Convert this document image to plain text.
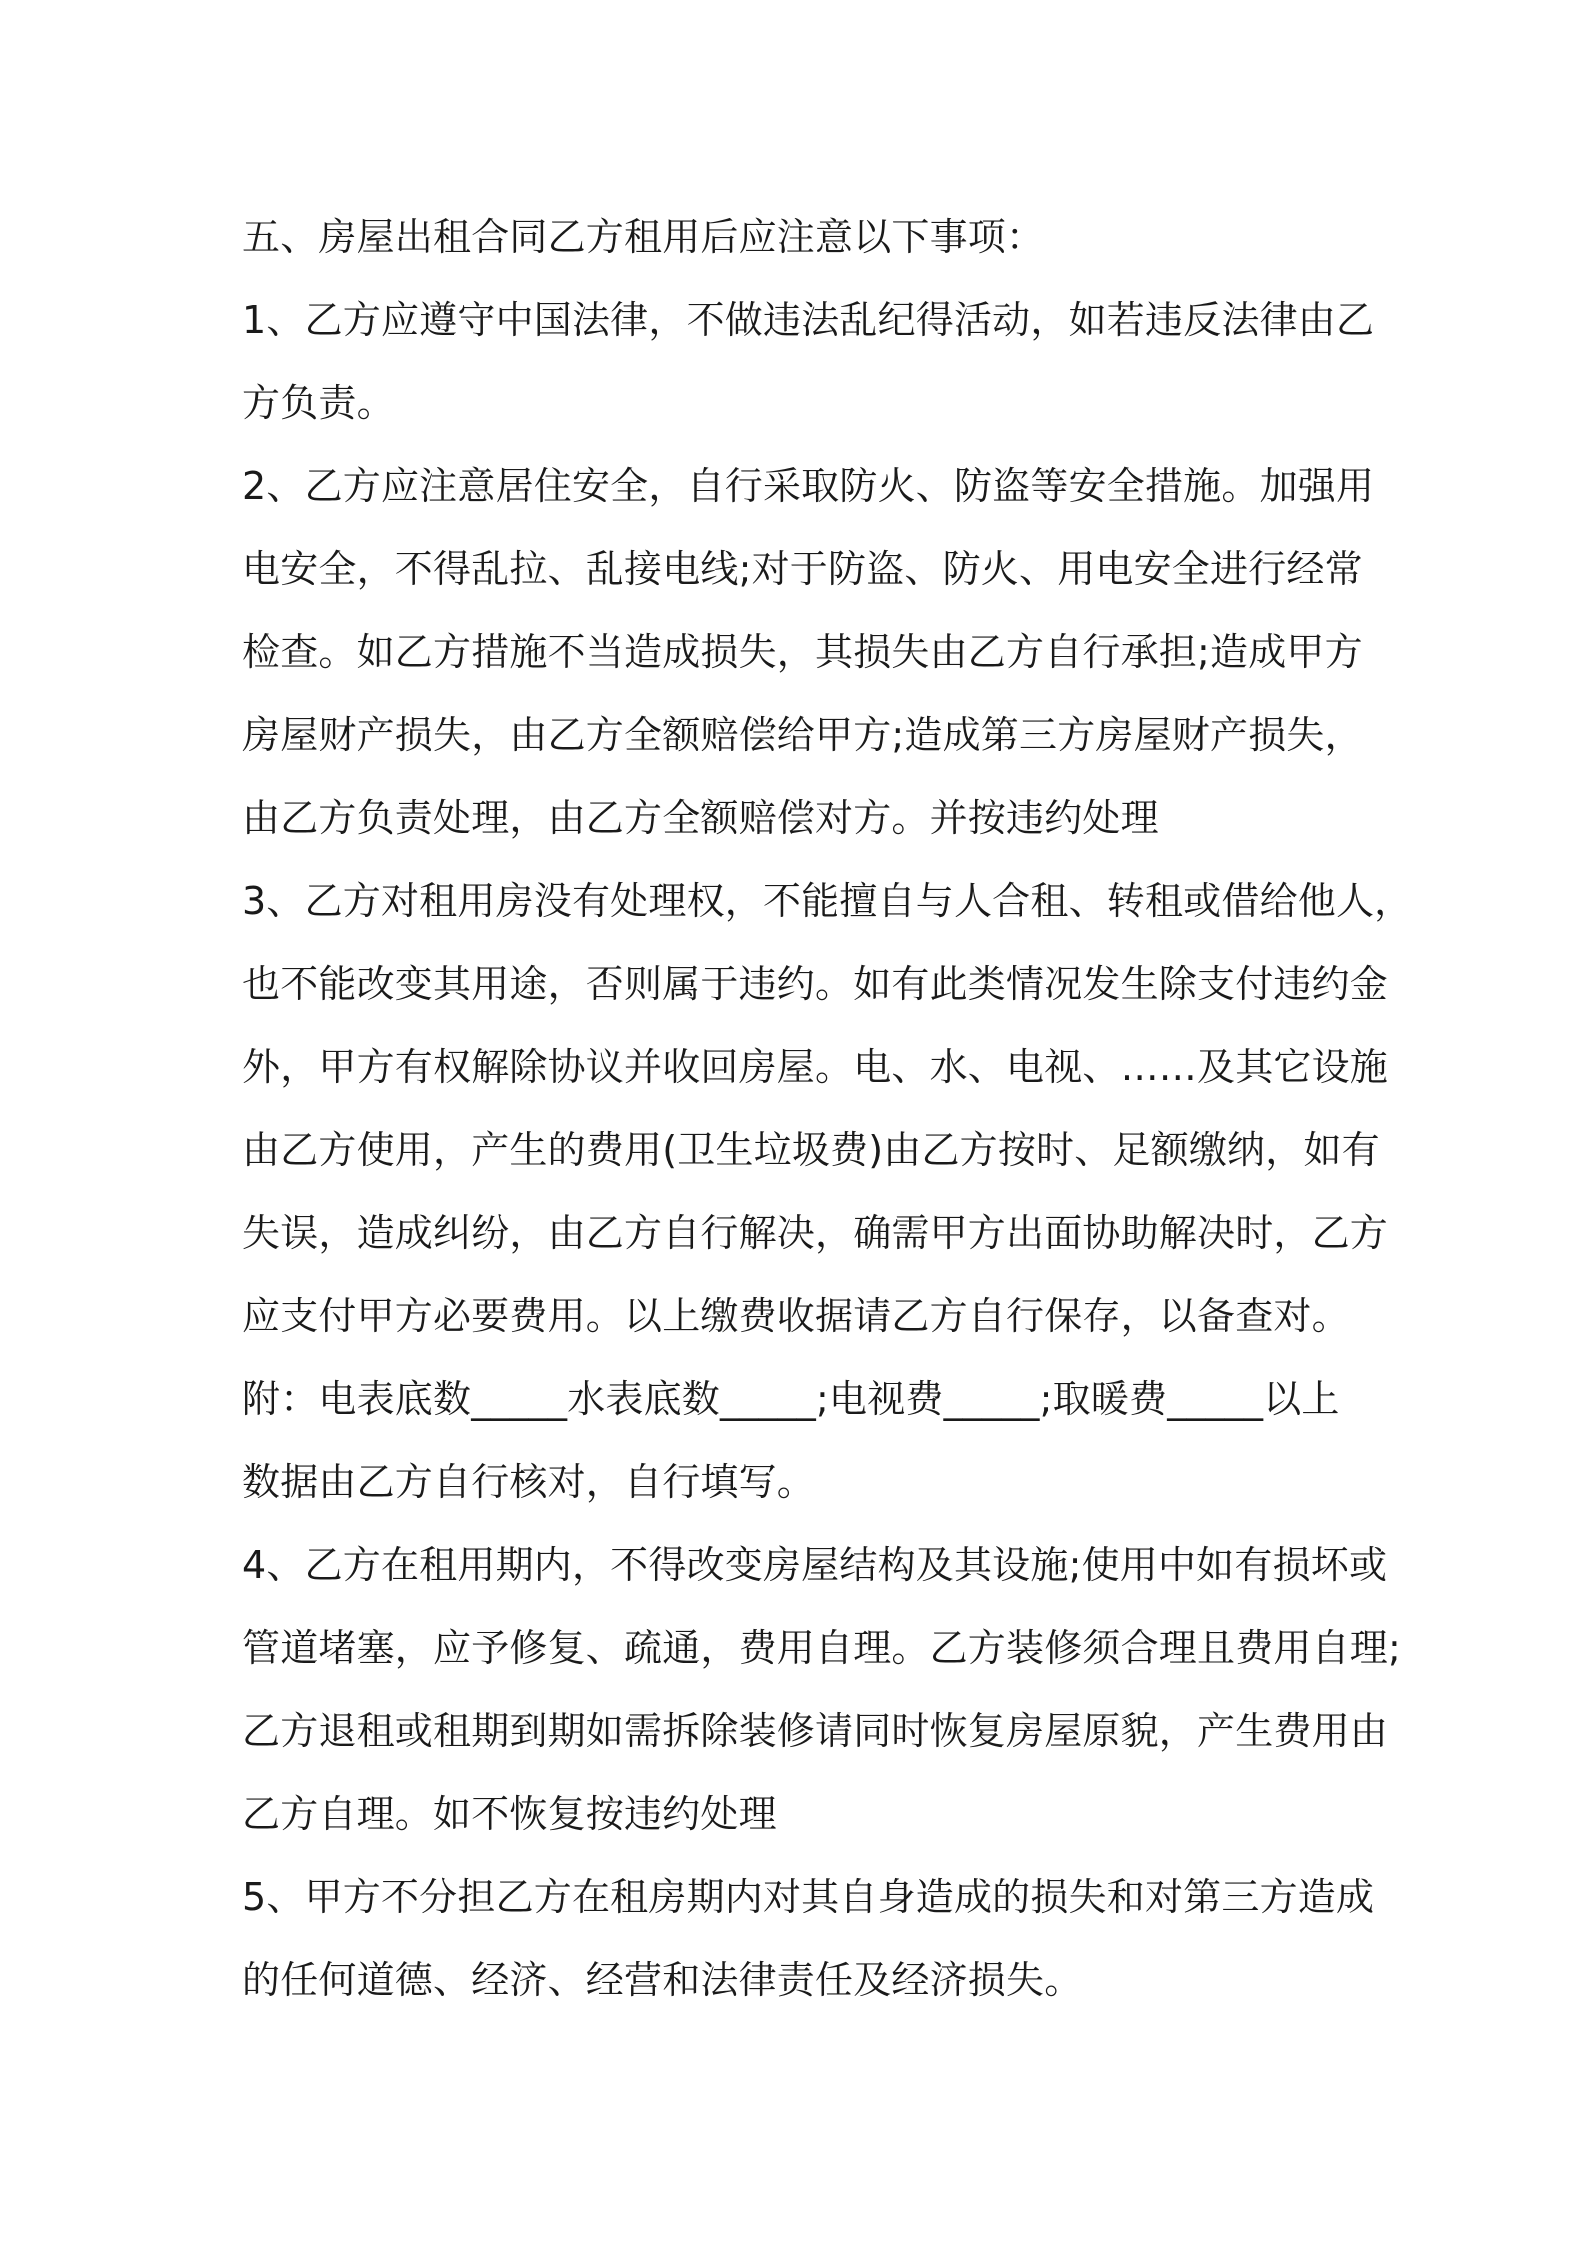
五、房屋出租合同乙方租用后应注意以下事项：
1、乙方应遵守中国法律，不做违法乱纪得活动，如若违反法律由乙
方负责。
2、乙方应注意居住安全，自行采取防火、防盗等安全措施。加强用
电安全，不得乱拉、乱接电线;对于防盗、防火、用电安全进行经常
检查。如乙方措施不当造成损失，其损失由乙方自行承担;造成甲方
房屋财产损失，由乙方全额赔偿给甲方;造成第三方房屋财产损失，
由乙方负责处理，由乙方全额赔偿对方。并按违约处理
3、乙方对租用房没有处理权，不能擅自与人合租、转租或借给他人，
也不能改变其用途，否则属于违约。如有此类情况发生除支付违约金
外，甲方有权解除协议并收回房屋。电、水、电视、……及其它设施
由乙方使用，产生的费用(卫生垃圾费)由乙方按时、足额缴纳，如有
失误，造成纠纷，由乙方自行解决，确需甲方出面协助解决时，乙方
应支付甲方必要费用。以上缴费收据请乙方自行保存，以备查对。
附：电表底数_____水表底数_____;电视费_____;取暖费_____以上
数据由乙方自行核对，自行填写。
4、乙方在租用期内，不得改变房屋结构及其设施;使用中如有损坏或
管道堵塞，应予修复、疏通，费用自理。乙方装修须合理且费用自理;
乙方退租或租期到期如需拆除装修请同时恢复房屋原貌，产生费用由
乙方自理。如不恢复按违约处理
5、甲方不分担乙方在租房期内对其自身造成的损失和对第三方造成
的任何道德、经济、经营和法律责任及经济损失。
